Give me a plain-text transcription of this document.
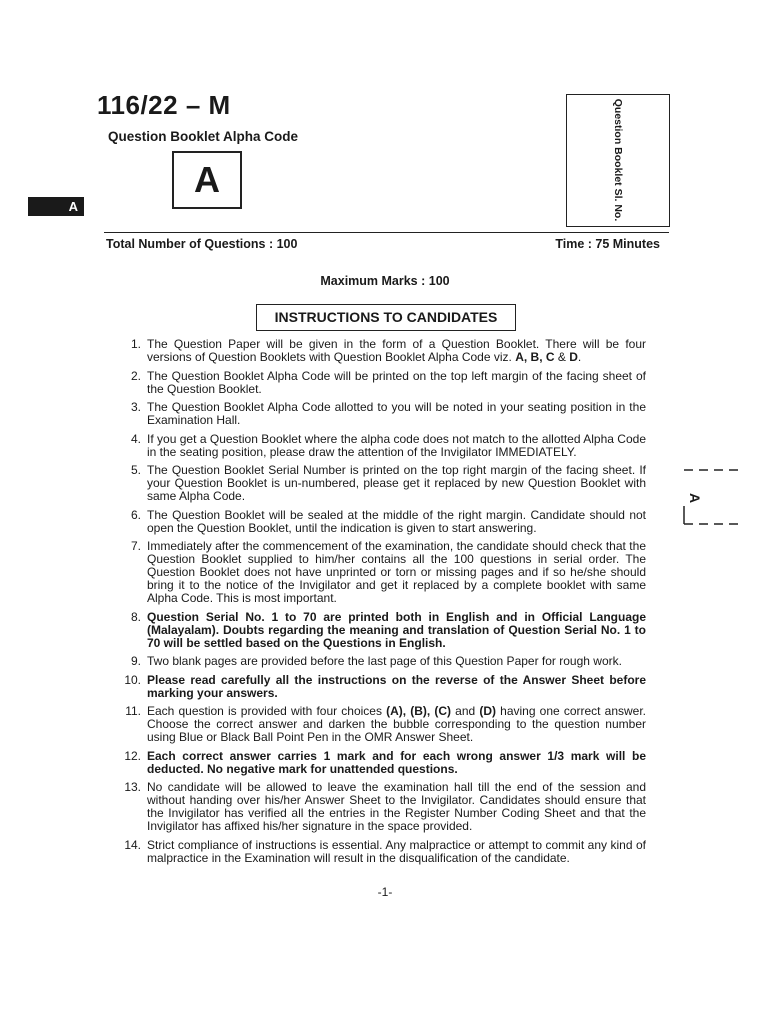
116/22 – M
Question Booklet Alpha Code
A
A	Question Booklet Sl. No.
Total Number of Questions : 100	Time : 75 Minutes
Maximum Marks : 100
INSTRUCTIONS TO CANDIDATES
1. The Question Paper will be given in the form of a Question Booklet. There will be four versions of Question Booklets with Question Booklet Alpha Code viz. A, B, C & D.
2. The Question Booklet Alpha Code will be printed on the top left margin of the facing sheet of the Question Booklet.
3. The Question Booklet Alpha Code allotted to you will be noted in your seating position in the Examination Hall.
4. If you get a Question Booklet where the alpha code does not match to the allotted Alpha Code in the seating position, please draw the attention of the Invigilator IMMEDIATELY.
5. The Question Booklet Serial Number is printed on the top right margin of the facing sheet. If your Question Booklet is un-numbered, please get it replaced by new Question Booklet with same Alpha Code.
6. The Question Booklet will be sealed at the middle of the right margin. Candidate should not open the Question Booklet, until the indication is given to start answering.
7. Immediately after the commencement of the examination, the candidate should check that the Question Booklet supplied to him/her contains all the 100 questions in serial order. The Question Booklet does not have unprinted or torn or missing pages and if so he/she should bring it to the notice of the Invigilator and get it replaced by a complete booklet with same Alpha Code. This is most important.
8. Question Serial No. 1 to 70 are printed both in English and in Official Language (Malayalam). Doubts regarding the meaning and translation of Question Serial No. 1 to 70 will be settled based on the Questions in English.
9. Two blank pages are provided before the last page of this Question Paper for rough work.
10. Please read carefully all the instructions on the reverse of the Answer Sheet before marking your answers.
11. Each question is provided with four choices (A), (B), (C) and (D) having one correct answer. Choose the correct answer and darken the bubble corresponding to the question number using Blue or Black Ball Point Pen in the OMR Answer Sheet.
12. Each correct answer carries 1 mark and for each wrong answer 1/3 mark will be deducted. No negative mark for unattended questions.
13. No candidate will be allowed to leave the examination hall till the end of the session and without handing over his/her Answer Sheet to the Invigilator. Candidates should ensure that the Invigilator has verified all the entries in the Register Number Coding Sheet and that the Invigilator has affixed his/her signature in the space provided.
14. Strict compliance of instructions is essential. Any malpractice or attempt to commit any kind of malpractice in the Examination will result in the disqualification of the candidate.
-1-
A
